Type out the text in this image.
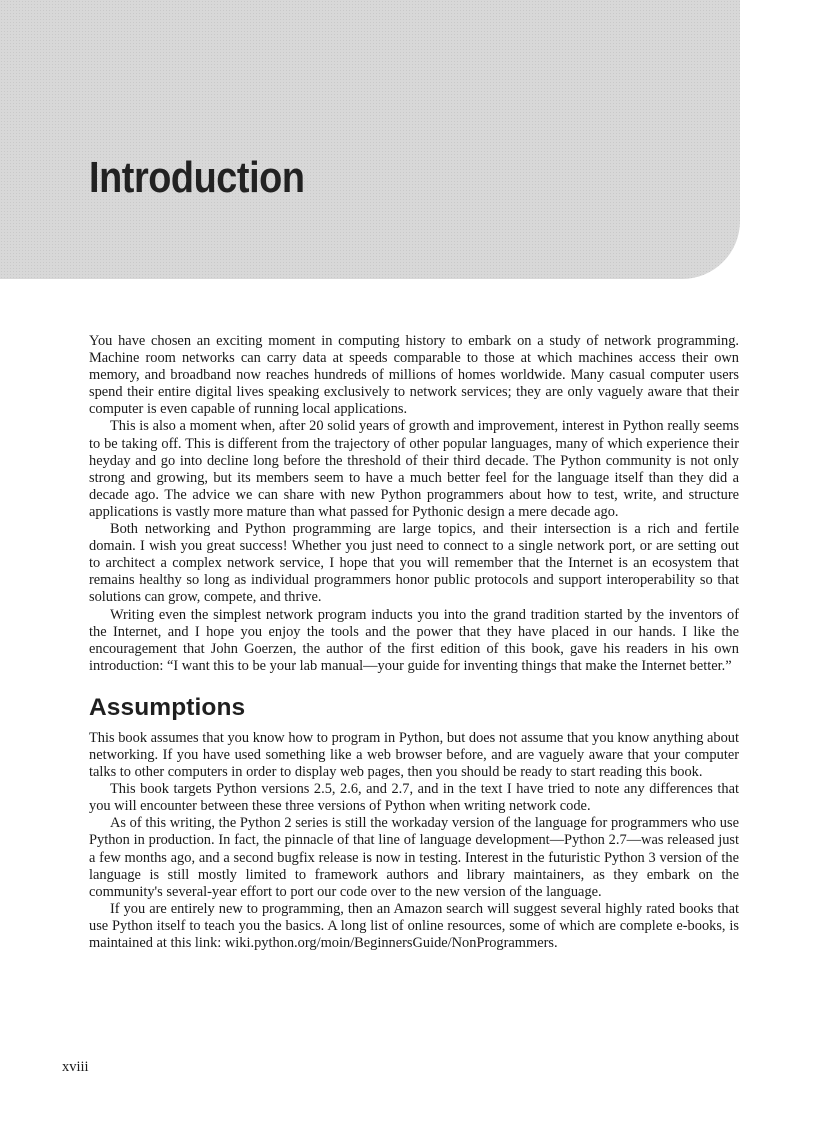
Introduction

You have chosen an exciting moment in computing history to embark on a study of network programming. Machine room networks can carry data at speeds comparable to those at which machines access their own memory, and broadband now reaches hundreds of millions of homes worldwide. Many casual computer users spend their entire digital lives speaking exclusively to network services; they are only vaguely aware that their computer is even capable of running local applications.

This is also a moment when, after 20 solid years of growth and improvement, interest in Python really seems to be taking off. This is different from the trajectory of other popular languages, many of which experience their heyday and go into decline long before the threshold of their third decade. The Python community is not only strong and growing, but its members seem to have a much better feel for the language itself than they did a decade ago. The advice we can share with new Python programmers about how to test, write, and structure applications is vastly more mature than what passed for Pythonic design a mere decade ago.

Both networking and Python programming are large topics, and their intersection is a rich and fertile domain. I wish you great success! Whether you just need to connect to a single network port, or are setting out to architect a complex network service, I hope that you will remember that the Internet is an ecosystem that remains healthy so long as individual programmers honor public protocols and support interoperability so that solutions can grow, compete, and thrive.

Writing even the simplest network program inducts you into the grand tradition started by the inventors of the Internet, and I hope you enjoy the tools and the power that they have placed in our hands. I like the encouragement that John Goerzen, the author of the first edition of this book, gave his readers in his own introduction: “I want this to be your lab manual—your guide for inventing things that make the Internet better.”

Assumptions

This book assumes that you know how to program in Python, but does not assume that you know anything about networking. If you have used something like a web browser before, and are vaguely aware that your computer talks to other computers in order to display web pages, then you should be ready to start reading this book.

This book targets Python versions 2.5, 2.6, and 2.7, and in the text I have tried to note any differences that you will encounter between these three versions of Python when writing network code.

As of this writing, the Python 2 series is still the workaday version of the language for programmers who use Python in production. In fact, the pinnacle of that line of language development—Python 2.7—was released just a few months ago, and a second bugfix release is now in testing. Interest in the futuristic Python 3 version of the language is still mostly limited to framework authors and library maintainers, as they embark on the community's several-year effort to port our code over to the new version of the language.

If you are entirely new to programming, then an Amazon search will suggest several highly rated books that use Python itself to teach you the basics. A long list of online resources, some of which are complete e-books, is maintained at this link: wiki.python.org/moin/BeginnersGuide/NonProgrammers.

xviii
